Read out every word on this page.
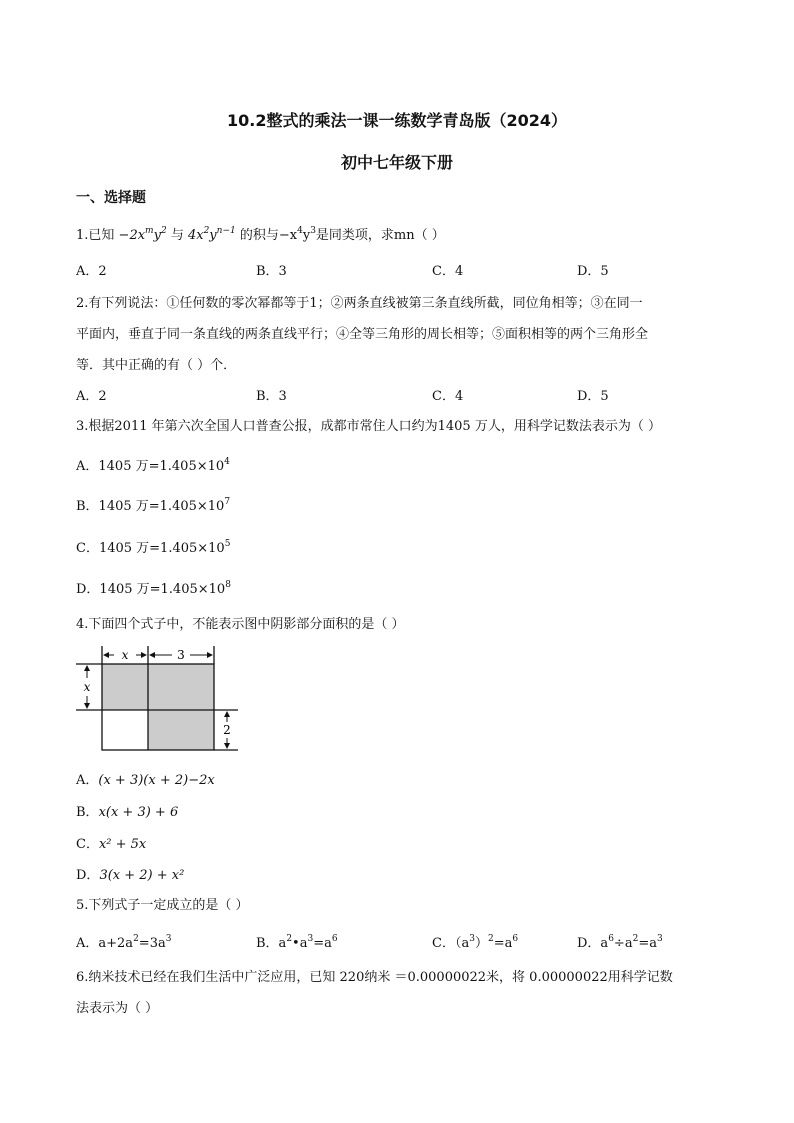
10.2整式的乘法一课一练数学青岛版（2024）
初中七年级下册
一、选择题
1.已知 $-2x^my^2$ 与 $4x^2y^{n-1}$ 的积与$-x^4y^3$是同类项，求mn（ ）
A．2	B．3	C．4	D．5
2.有下列说法：①任何数的零次幂都等于1；②两条直线被第三条直线所截，同位角相等；③在同一
平面内，垂直于同一条直线的两条直线平行；④全等三角形的周长相等；⑤面积相等的两个三角形全
等．其中正确的有（ ）个．
A．2	B．3	C．4	D．5
3.根据2011 年第六次全国人口普查公报，成都市常住人口约为1405 万人，用科学记数法表示为（ ）
A．1405 万$=1.405\times 10^4$
B．1405 万$=1.405\times 10^7$
C．1405 万$=1.405\times 10^5$
D．1405 万$=1.405\times 10^8$
4.下面四个式子中，不能表示图中阴影部分面积的是（ ）
x	3
x
2
A．(x + 3)(x + 2)−2x
B．x(x + 3) + 6
C．x² + 5x
D．3(x + 2) + x²
5.下列式子一定成立的是（ ）
A．$a+2a^2=3a^3$	B．$a^2•a^3=a^6$	C．$(a^3)^2=a^6$	D．$a^6\div a^2=a^3$
6.纳米技术已经在我们生活中广泛应用，已知 220纳米 ＝0.00000022米，将 0.00000022用科学记数
法表示为（ ）
